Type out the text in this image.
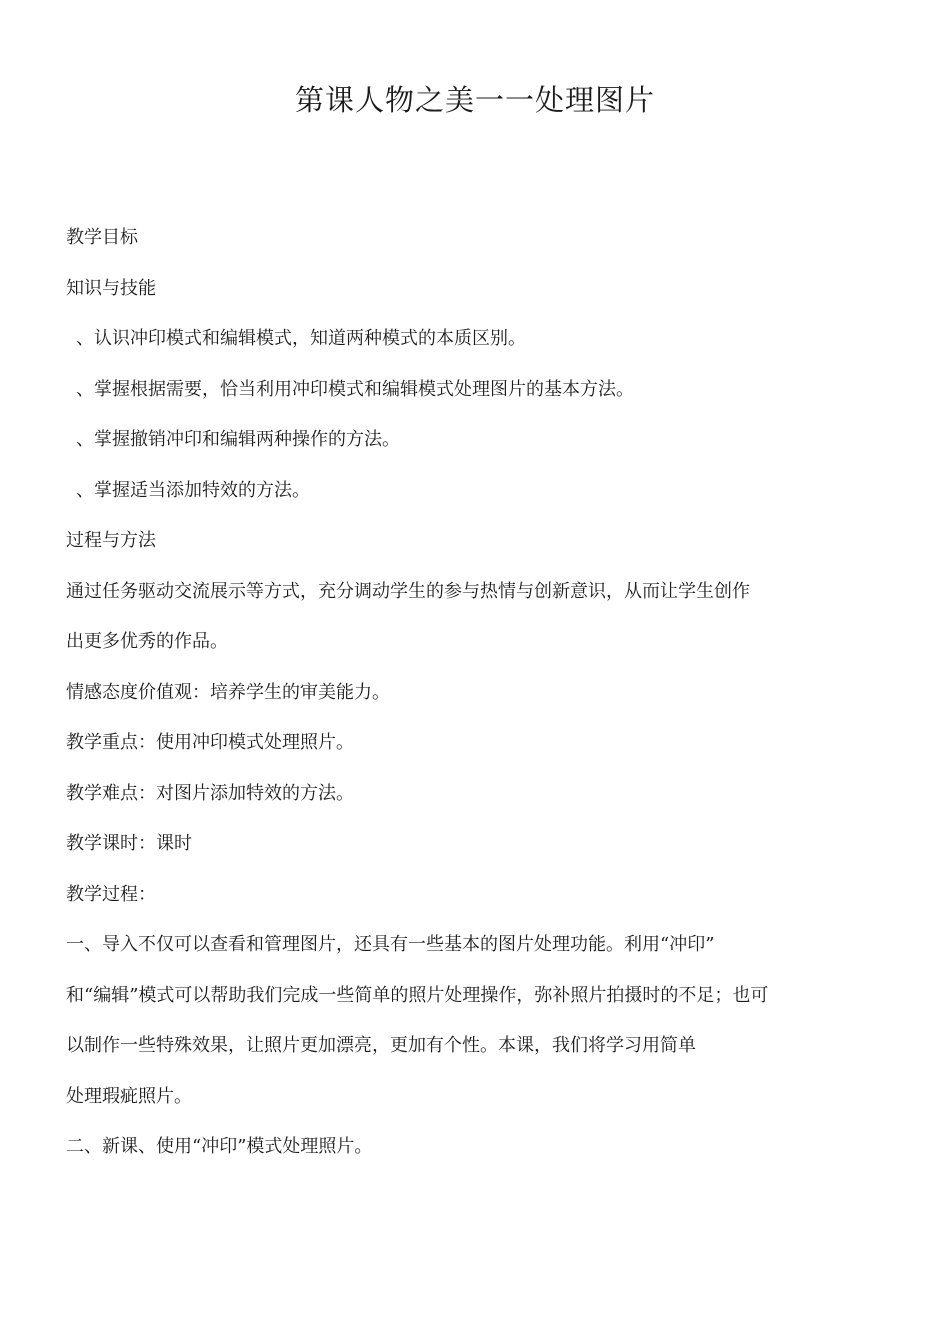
第课人物之美一一处理图片
教学目标
知识与技能
、认识冲印模式和编辑模式，知道两种模式的本质区别。
、掌握根据需要，恰当利用冲印模式和编辑模式处理图片的基本方法。
、掌握撤销冲印和编辑两种操作的方法。
、掌握适当添加特效的方法。
过程与方法
通过任务驱动交流展示等方式，充分调动学生的参与热情与创新意识，从而让学生创作
出更多优秀的作品。
情感态度价值观：培养学生的审美能力。
教学重点：使用冲印模式处理照片。
教学难点：对图片添加特效的方法。
教学课时：课时
教学过程：
一、导入不仅可以查看和管理图片，还具有一些基本的图片处理功能。利用“冲印”
和“编辑”模式可以帮助我们完成一些简单的照片处理操作，弥补照片拍摄时的不足；也可
以制作一些特殊效果，让照片更加漂亮，更加有个性。本课，我们将学习用简单
处理瑕疵照片。
二、新课、使用“冲印”模式处理照片。
